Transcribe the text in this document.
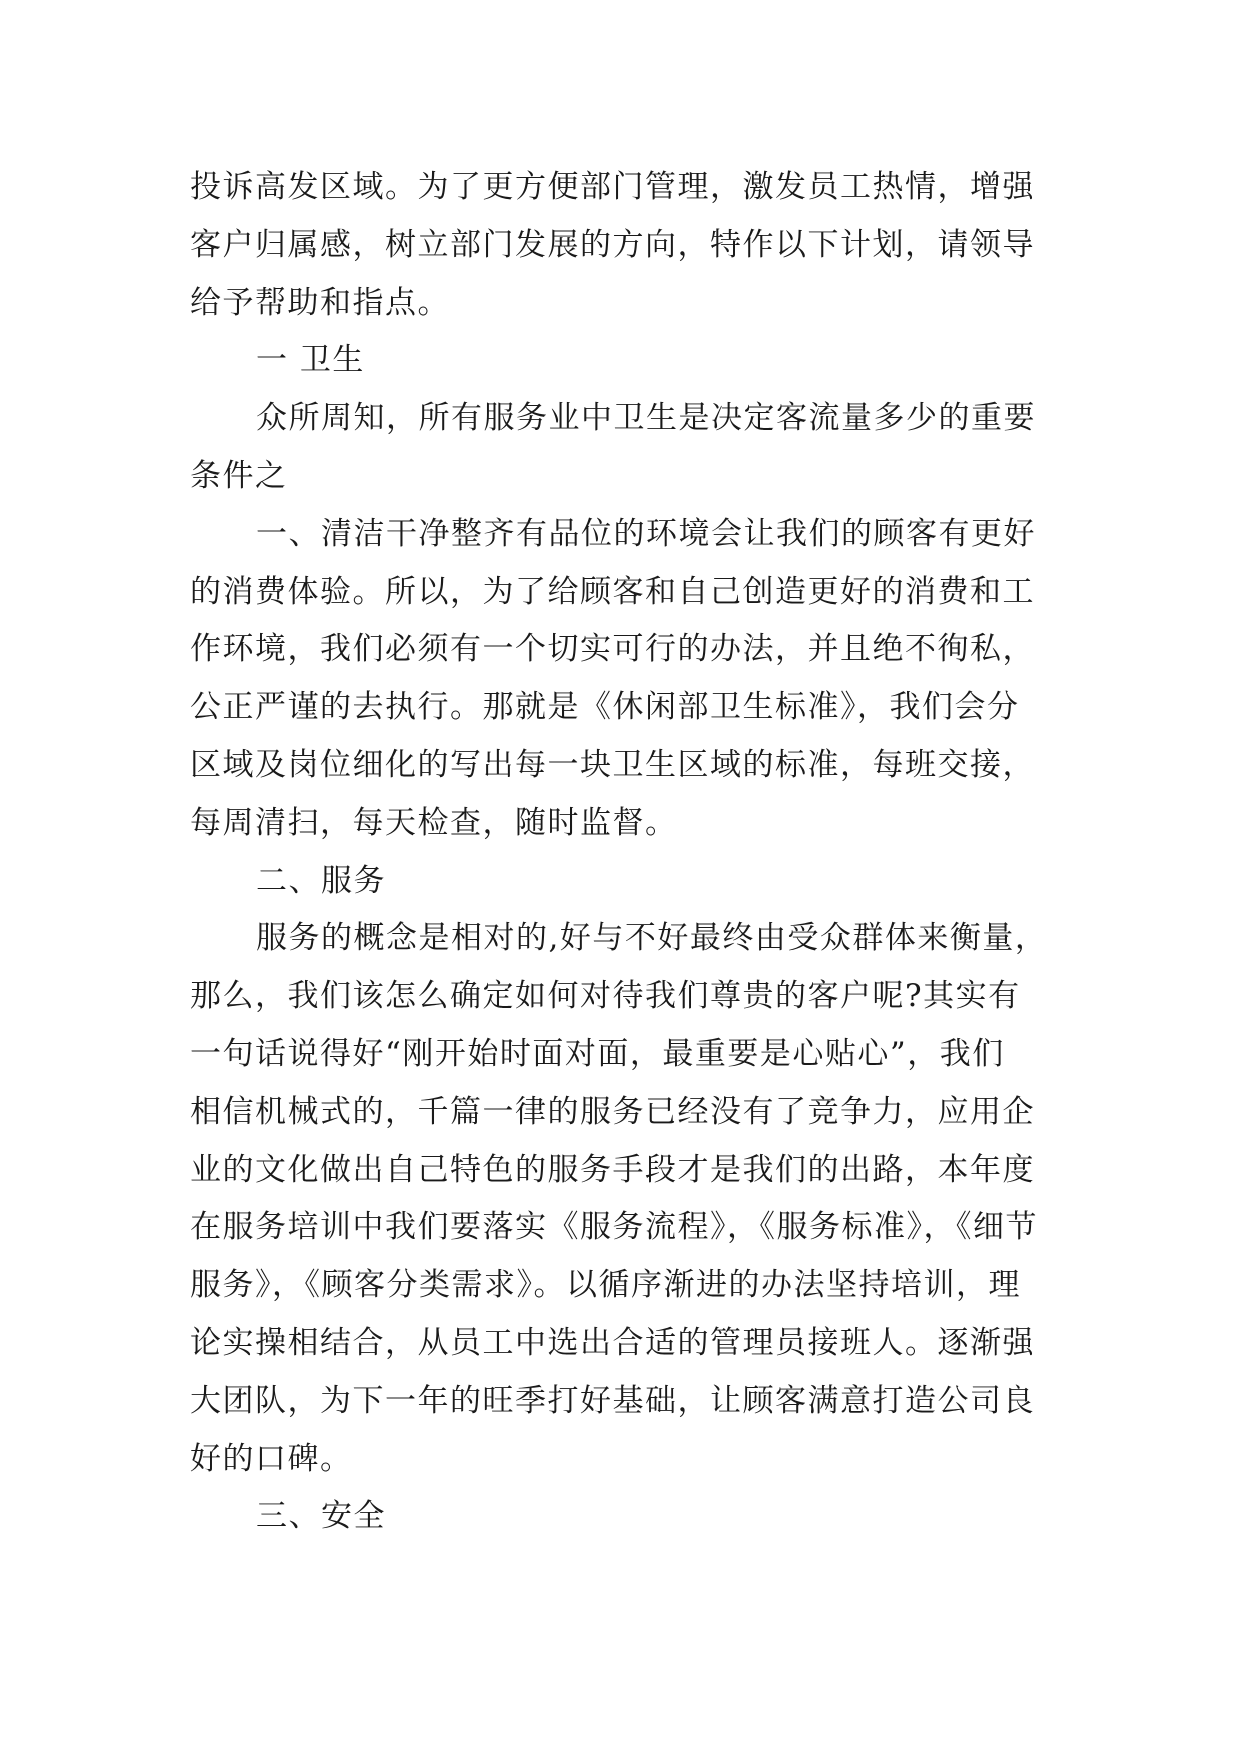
投诉高发区域。为了更方便部门管理，激发员工热情，增强

客户归属感，树立部门发展的方向，特作以下计划，请领导

给予帮助和指点。

一 卫生

众所周知，所有服务业中卫生是决定客流量多少的重要

条件之

一、清洁干净整齐有品位的环境会让我们的顾客有更好

的消费体验。所以，为了给顾客和自己创造更好的消费和工

作环境，我们必须有一个切实可行的办法，并且绝不徇私，

公正严谨的去执行。那就是《休闲部卫生标准》，我们会分

区域及岗位细化的写出每一块卫生区域的标准，每班交接，

每周清扫，每天检查，随时监督。

二、服务

服务的概念是相对的,好与不好最终由受众群体来衡量，

那么，我们该怎么确定如何对待我们尊贵的客户呢?其实有

一句话说得好“刚开始时面对面，最重要是心贴心”，我们

相信机械式的，千篇一律的服务已经没有了竞争力，应用企

业的文化做出自己特色的服务手段才是我们的出路，本年度

在服务培训中我们要落实《服务流程》，《服务标准》，《细节

服务》，《顾客分类需求》。以循序渐进的办法坚持培训，理

论实操相结合，从员工中选出合适的管理员接班人。逐渐强

大团队，为下一年的旺季打好基础，让顾客满意打造公司良

好的口碑。

三、安全
